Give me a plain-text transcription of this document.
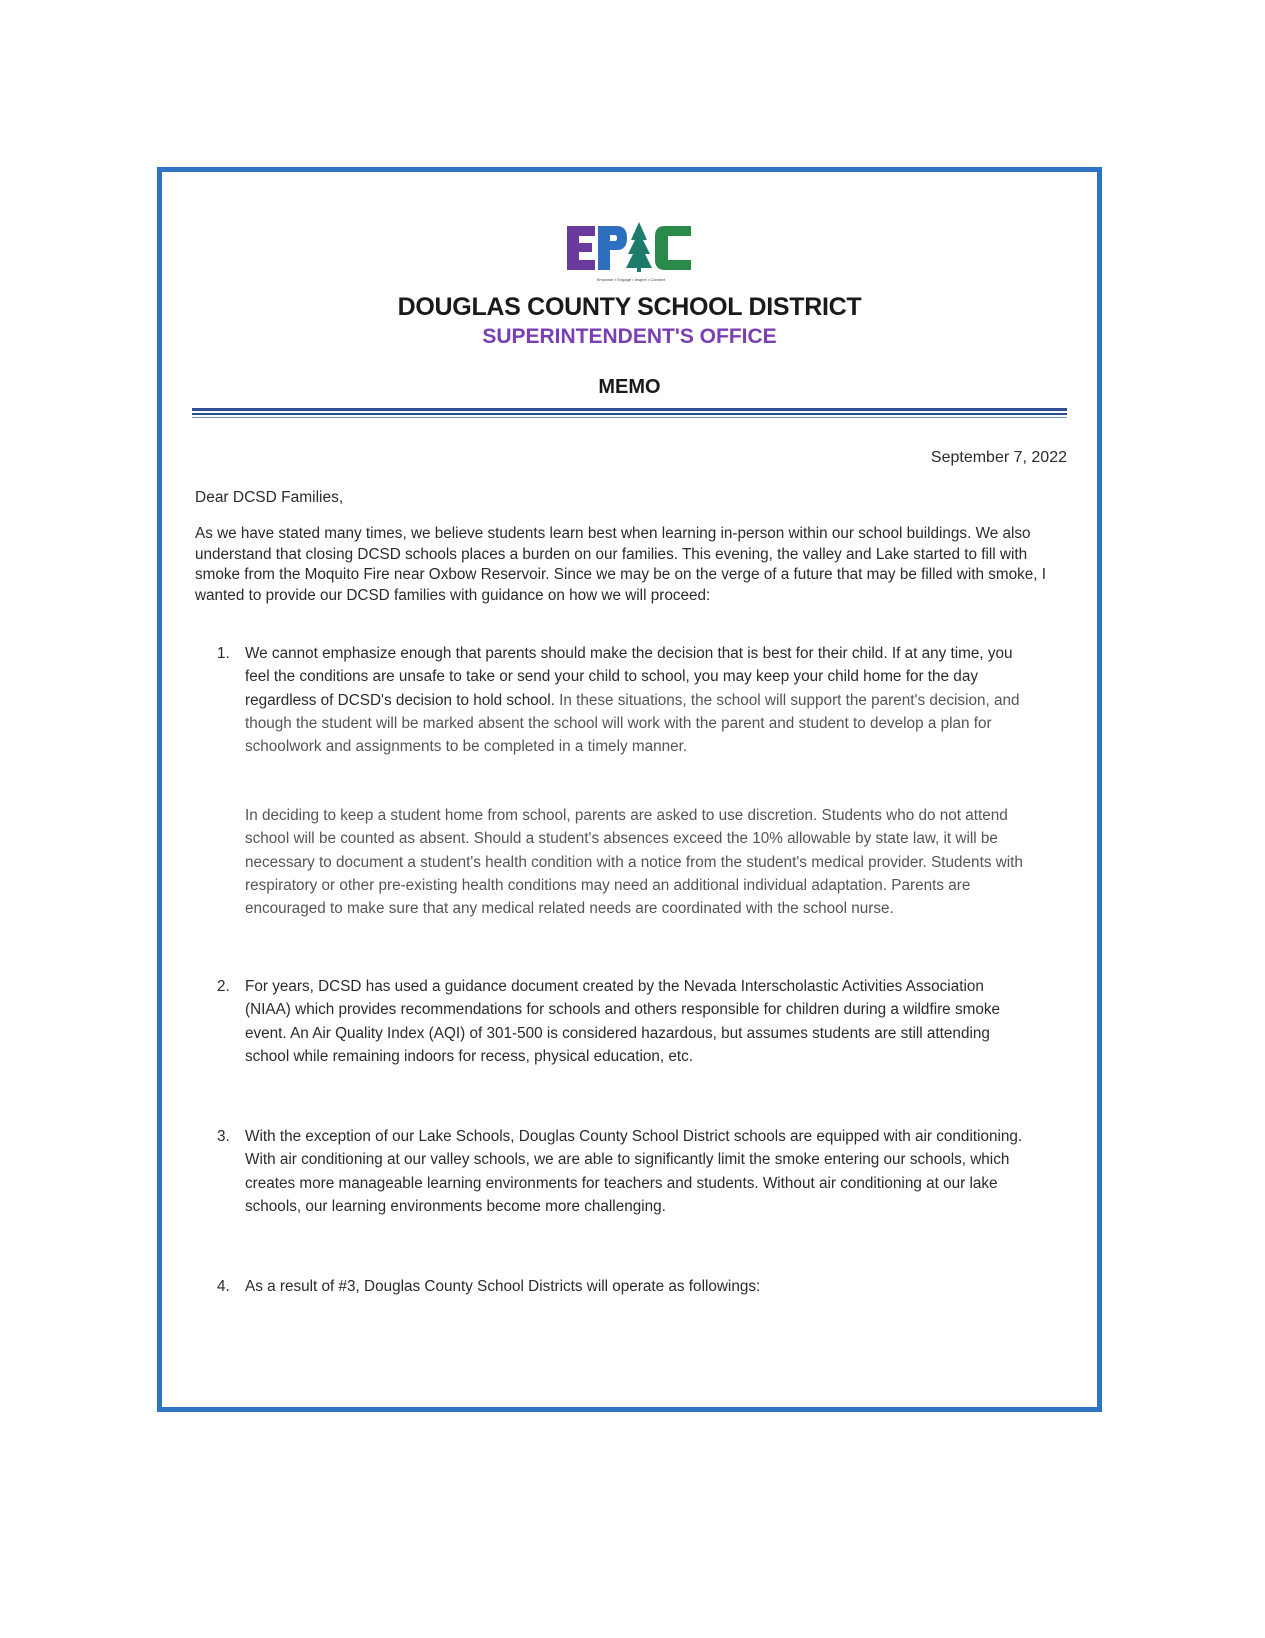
Empower • Engage • Inspire • Connect
DOUGLAS COUNTY SCHOOL DISTRICT
SUPERINTENDENT'S OFFICE
MEMO
September 7, 2022
Dear DCSD Families,

As we have stated many times, we believe students learn best when learning in-person within our school buildings. We also understand that closing DCSD schools places a burden on our families. This evening, the valley and Lake started to fill with smoke from the Moquito Fire near Oxbow Reservoir. Since we may be on the verge of a future that may be filled with smoke, I wanted to provide our DCSD families with guidance on how we will proceed:

1. We cannot emphasize enough that parents should make the decision that is best for their child. If at any time, you feel the conditions are unsafe to take or send your child to school, you may keep your child home for the day regardless of DCSD's decision to hold school. In these situations, the school will support the parent's decision, and though the student will be marked absent the school will work with the parent and student to develop a plan for schoolwork and assignments to be completed in a timely manner.

In deciding to keep a student home from school, parents are asked to use discretion. Students who do not attend school will be counted as absent. Should a student's absences exceed the 10% allowable by state law, it will be necessary to document a student's health condition with a notice from the student's medical provider. Students with respiratory or other pre-existing health conditions may need an additional individual adaptation. Parents are encouraged to make sure that any medical related needs are coordinated with the school nurse.

2. For years, DCSD has used a guidance document created by the Nevada Interscholastic Activities Association (NIAA) which provides recommendations for schools and others responsible for children during a wildfire smoke event. An Air Quality Index (AQI) of 301-500 is considered hazardous, but assumes students are still attending school while remaining indoors for recess, physical education, etc.

3. With the exception of our Lake Schools, Douglas County School District schools are equipped with air conditioning. With air conditioning at our valley schools, we are able to significantly limit the smoke entering our schools, which creates more manageable learning environments for teachers and students. Without air conditioning at our lake schools, our learning environments become more challenging.

4. As a result of #3, Douglas County School Districts will operate as followings:
